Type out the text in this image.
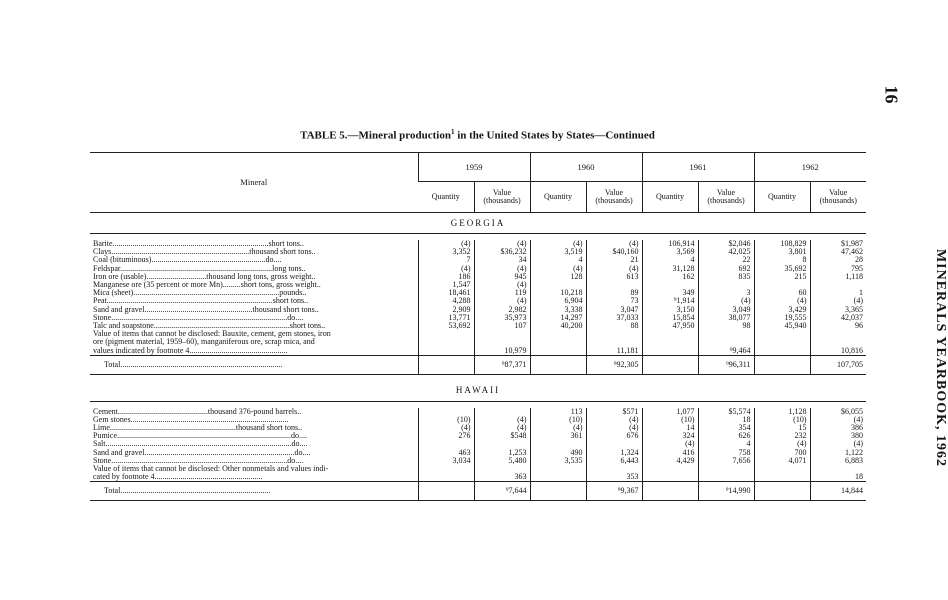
16
MINERALS YEARBOOK, 1962
TABLE 5.—Mineral production$^1$ in the United States by States—Continued
Mineral	1959		1960		1961		1962	
	Quantity	Value (thousands)	Quantity	Value (thousands)	Quantity	Value (thousands)	Quantity	Value (thousands)
GEORGIA								

Barite..............................................................................short tons..	(4)	(4)	(4)	(4)	106,914	$2,046	108,829	$1,987
Clays.....................................................................thousand short tons..	3,352	$36,232	3,519	$40,160	3,569	42,025	3,801	47,462
Coal (bituminous).........................................................do....	7	34	4	21	4	22	8	28
Feldspar............................................................................long tons..	(4)	(4)	(4)	(4)	31,128	692	35,692	795
Iron ore (usable)..............................thousand long tons, gross weight..	186	945	128	613	162	835	215	1,118
Manganese ore (35 percent or more Mn).........short tons, gross weight..	1,547	(4)						
Mica (sheet).........................................................................pounds..	18,461	119	10,218	89	349	3	60	1
Peat...................................................................................short tons..	4,288	(4)	6,904	73	⁹1,914	(4)	(4)	(4)
Sand and gravel......................................................thousand short tons..	2,909	2,982	3,338	3,047	3,150	3,049	3,429	3,365
Stone........................................................................................do....	13,771	35,973	14,297	37,033	15,854	38,077	19,555	42,037
Talc and soapstone....................................................................short tons..	53,692	107	40,200	88	47,950	98	45,940	96
Value of items that cannot be disclosed: Bauxite, cement, gem stones, iron								
ore (pigment material, 1959–60), manganiferous ore, scrap mica, and								
values indicated by footnote 4.................................................		10,979		11,181		⁹9,464		10,816
Total.................................................................................		⁹87,371		⁹92,305		⁹96,311		107,705

HAWAII								

Cement.............................................thousand 376-pound barrels..			113	$571	1,077	$5,574	1,128	$6,055
Gem stones...............................................................................	(10)	(4)	(10)	(4)	(10)	18	(10)	(4)
Lime...............................................................thousand short tons..	(4)	(4)	(4)	(4)	14	354	15	386
Pumice.......................................................................................do....	276	$548	361	676	324	626	232	380
Salt.............................................................................................do....					(4)	4	(4)	(4)
Sand and gravel...........................................................................do....	463	1,253	490	1,324	416	758	700	1,122
Stone........................................................................................do....	3,034	5,480	3,535	6,443	4,429	7,656	4,071	6,883
Value of items that cannot be disclosed: Other nonmetals and values indi-								
cated by footnote 4......................................................		363		353				18
Total...........................................................................		⁹7,644		⁹9,367		⁹14,990		14,844
